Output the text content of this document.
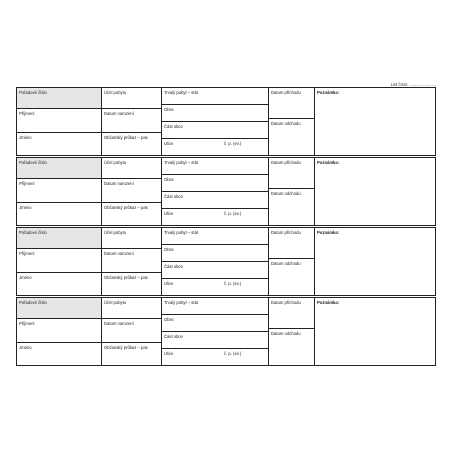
List číslo: .......................
Pořadové číslo
Příjmení
Jméno
Účel pobytu
Datum narození
Občanský průkaz – pas
Trvalý pobyt – stát
Obec
Část obce
Ulice	č. p. (ev.)
Datum příchodu
Datum odchodu
Poznámka:
Pořadové číslo
Příjmení
Jméno
Účel pobytu
Datum narození
Občanský průkaz – pas
Trvalý pobyt – stát
Obec
Část obce
Ulice	č. p. (ev.)
Datum příchodu
Datum odchodu
Poznámka:
Pořadové číslo
Příjmení
Jméno
Účel pobytu
Datum narození
Občanský průkaz – pas
Trvalý pobyt – stát
Obec
Část obce
Ulice	č. p. (ev.)
Datum příchodu
Datum odchodu
Poznámka:
Pořadové číslo
Příjmení
Jméno
Účel pobytu
Datum narození
Občanský průkaz – pas
Trvalý pobyt – stát
Obec
Část obce
Ulice	č. p. (ev.)
Datum příchodu
Datum odchodu
Poznámka:
